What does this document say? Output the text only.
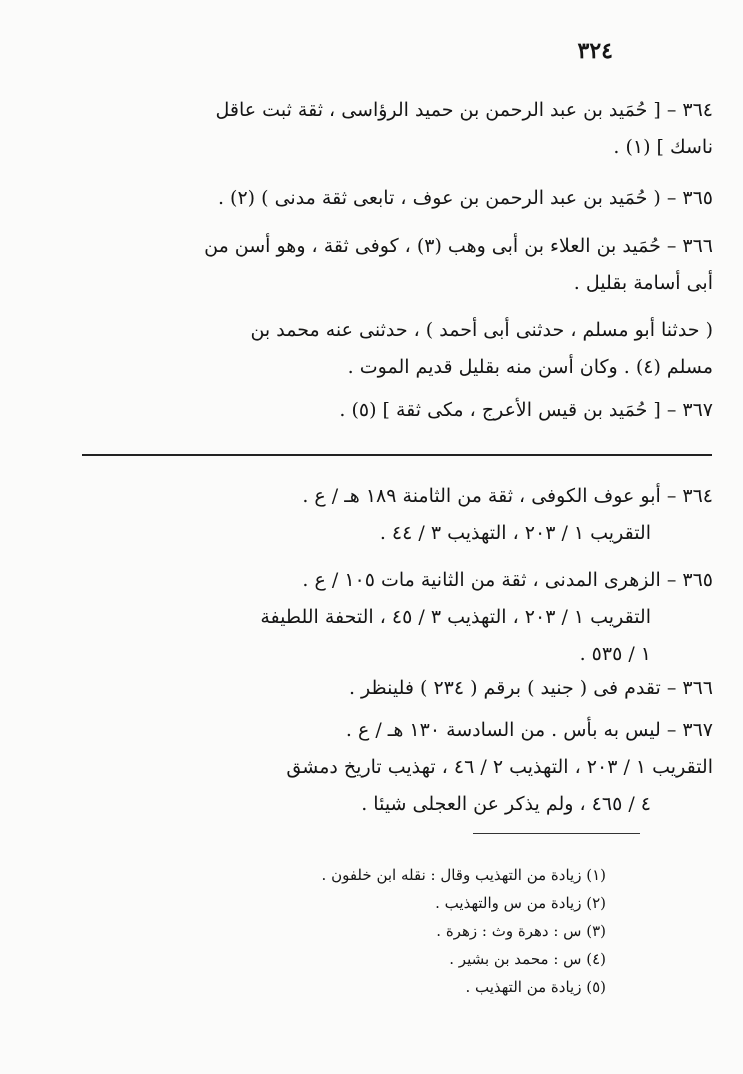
٣٢٤
٣٦٤ –[ حُمَيد بن عبد الرحمن بن حميد الرؤاسى ، ثقة ثبت عاقل
ناسك ] (١) .
٣٦٥ –( حُمَيد بن عبد الرحمن بن عوف ، تابعى ثقة مدنى ) (٢) .
٣٦٦ –حُمَيد بن العلاء بن أبى وهب (٣) ، كوفى ثقة ، وهو أسن من
أبى أسامة بقليل .
( حدثنا أبو مسلم ، حدثنى أبى أحمد ) ، حدثنى عنه محمد بن
مسلم (٤) . وكان أسن منه بقليل قديم الموت .
٣٦٧ –[ حُمَيد بن قيس الأعرج ، مكى ثقة ] (٥) .
٣٦٤ –أبو عوف الكوفى ، ثقة من الثامنة ١٨٩ هـ / ع .
التقريب ١ / ٢٠٣ ، التهذيب ٣ / ٤٤ .
٣٦٥ –الزهرى المدنى ، ثقة من الثانية مات ١٠٥ / ع .
التقريب ١ / ٢٠٣ ، التهذيب ٣ / ٤٥ ، التحفة اللطيفة
١ / ٥٣٥ .
٣٦٦ –تقدم فى ( جنيد ) برقم ( ٢٣٤ ) فلينظر .
٣٦٧ –ليس به بأس . من السادسة ١٣٠ هـ / ع .
التقريب ١ / ٢٠٣ ، التهذيب ٢ / ٤٦ ، تهذيب تاريخ دمشق
٤ / ٤٦٥ ، ولم يذكر عن العجلى شيئا .
(١) زيادة من التهذيب وقال : نقله ابن خلفون .
(٢) زيادة من س والتهذيب .
(٣) س : دهرة وث : زهرة .
(٤) س : محمد بن بشير .
(٥) زيادة من التهذيب .
